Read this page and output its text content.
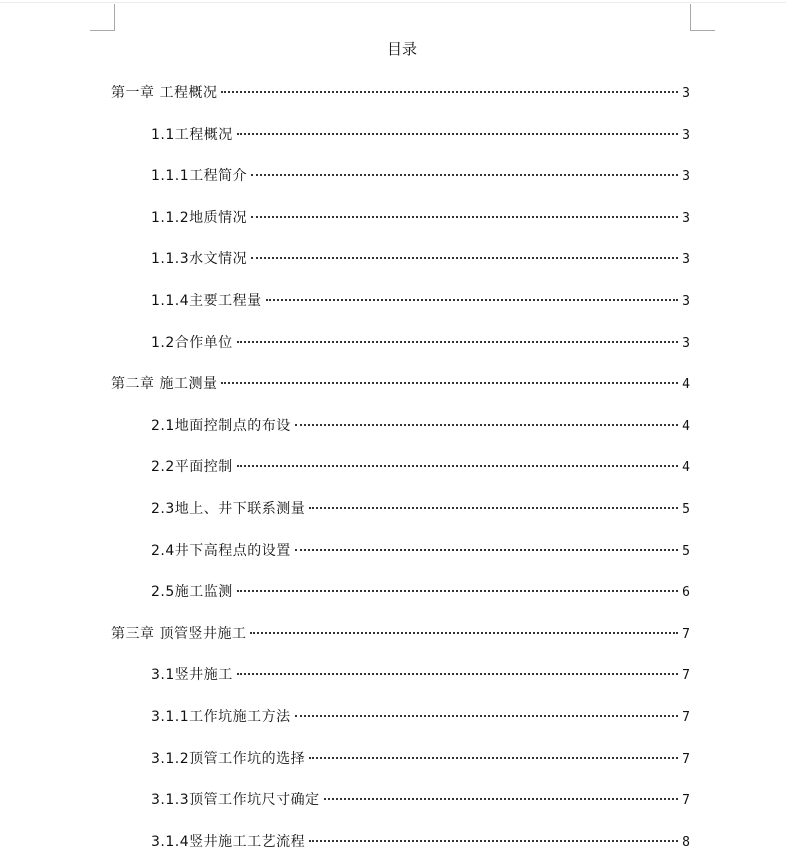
目录
第一章 工程概况	3
1.1工程概况	3
1.1.1工程简介	3
1.1.2地质情况	3
1.1.3水文情况	3
1.1.4主要工程量	3
1.2合作单位	3
第二章 施工测量	4
2.1地面控制点的布设	4
2.2平面控制	4
2.3地上、井下联系测量	5
2.4井下高程点的设置	5
2.5施工监测	6
第三章 顶管竖井施工	7
3.1竖井施工	7
3.1.1工作坑施工方法	7
3.1.2顶管工作坑的选择	7
3.1.3顶管工作坑尺寸确定	7
3.1.4竖井施工工艺流程	8
